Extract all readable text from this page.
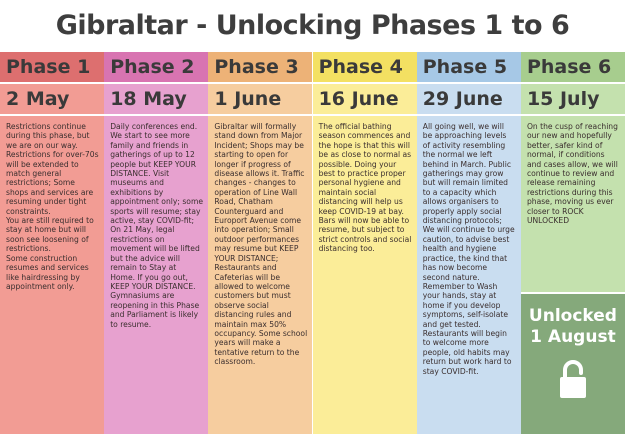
Gibraltar - Unlocking Phases 1 to 6
Phase 1
2 May

Restrictions continue during this phase, but we are on our way. Restrictions for over-70s will be extended to match general restrictions; Some shops and services are resuming under tight constraints.
You are still required to stay at home but will soon see loosening of restrictions.
Some construction resumes and services like hairdressing by appointment only.

Phase 2
18 May

Daily conferences end. We start to see more family and friends in gatherings of up to 12 people but KEEP YOUR DISTANCE. Visit museums and exhibitions by appointment only; some sports will resume; stay active, stay COVID-fit; On 21 May, legal restrictions on movement will be lifted but the advice will remain to Stay at Home. If you go out, KEEP YOUR DISTANCE. Gymnasiums are reopening in this Phase and Parliament is likely to resume.

Phase 3
1 June

Gibraltar will formally stand down from Major Incident; Shops may be starting to open for longer if progress of disease allows it. Traffic changes - changes to operation of Line Wall Road, Chatham Counterguard and Europort Avenue come into operation; Small outdoor performances may resume but KEEP YOUR DISTANCE; Restaurants and Cafeterias will be allowed to welcome customers but must observe social distancing rules and maintain max 50% occupancy. Some school years will make a tentative return to the classroom.

Phase 4
16 June

The official bathing season commences and the hope is that this will be as close to normal as possible. Doing your best to practice proper personal hygiene and maintain social distancing will help us keep COVID-19 at bay. Bars will now be able to resume, but subject to strict controls and social distancing too.

Phase 5
29 June

All going well, we will be approaching levels of activity resembling the normal we left behind in March. Public gatherings may grow but will remain limited to a capacity which allows organisers to properly apply social distancing protocols; We will continue to urge caution, to advise best health and hygiene practice, the kind that has now become second nature. Remember to Wash your hands, stay at home if you develop symptoms, self-isolate and get tested. Restaurants will begin to welcome more people, old habits may return but work hard to stay COVID-fit.

Phase 6
15 July

On the cusp of reaching our new and hopefully better, safer kind of normal, if conditions and cases allow, we will continue to review and release remaining restrictions during this phase, moving us ever closer to ROCK UNLOCKED

Unlocked
1 August
